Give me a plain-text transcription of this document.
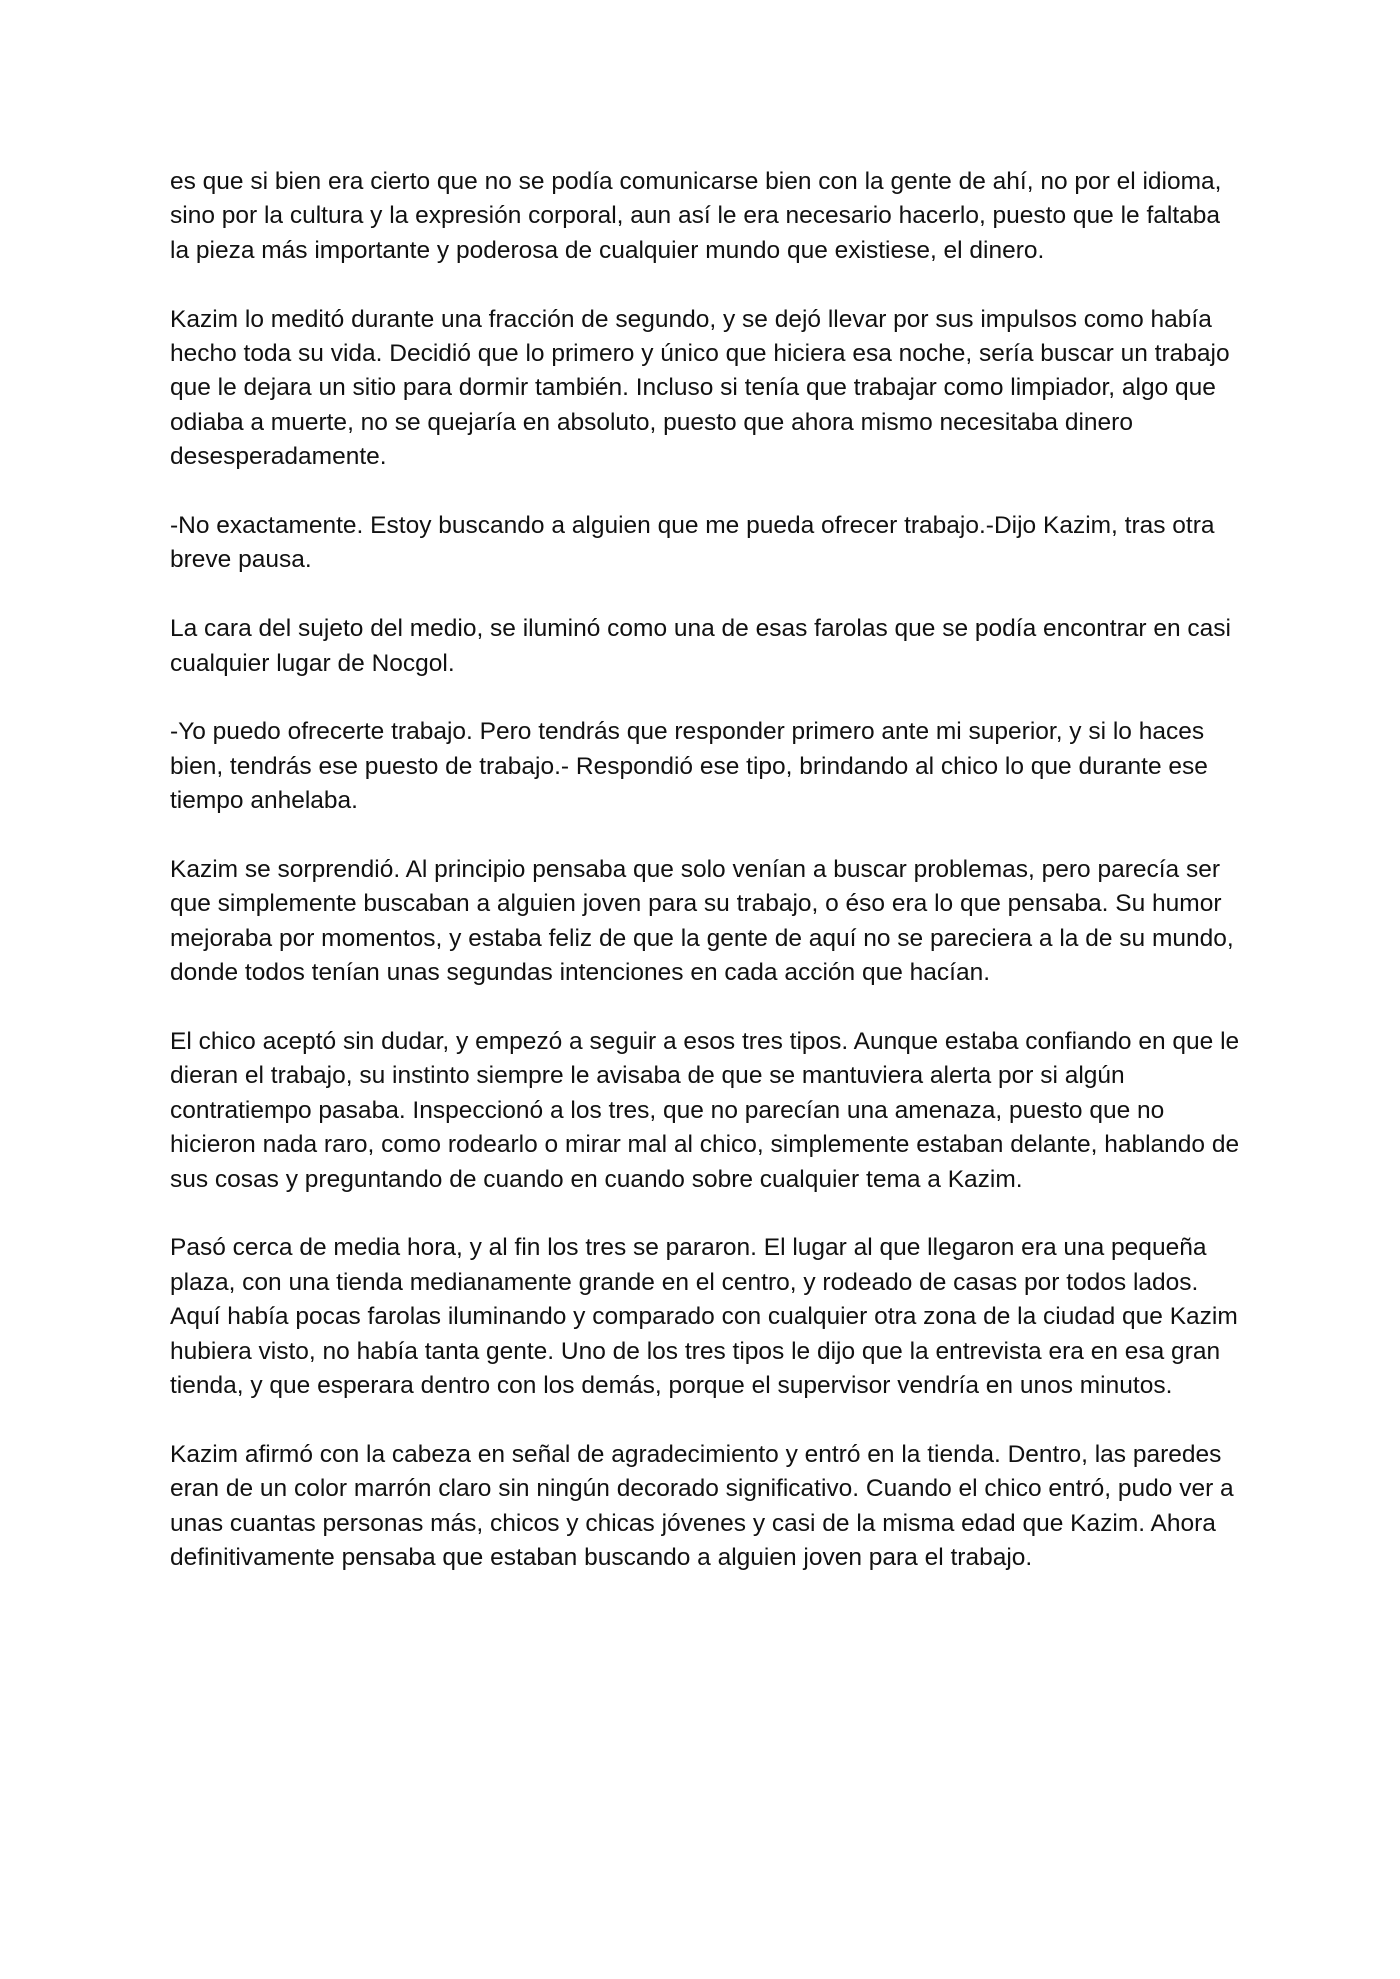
es que si bien era cierto que no se podía comunicarse bien con la gente de ahí, no por el idioma, sino por la cultura y la expresión corporal, aun así le era necesario hacerlo, puesto que le faltaba la pieza más importante y poderosa de cualquier mundo que existiese, el dinero.

Kazim lo meditó durante una fracción de segundo, y se dejó llevar por sus impulsos como había hecho toda su vida. Decidió que lo primero y único que hiciera esa noche, sería buscar un trabajo que le dejara un sitio para dormir también. Incluso si tenía que trabajar como limpiador, algo que odiaba a muerte, no se quejaría en absoluto, puesto que ahora mismo necesitaba dinero desesperadamente.

-No exactamente. Estoy buscando a alguien que me pueda ofrecer trabajo.-Dijo Kazim, tras otra breve pausa.

La cara del sujeto del medio, se iluminó como una de esas farolas que se podía encontrar en casi cualquier lugar de Nocgol.

-Yo puedo ofrecerte trabajo. Pero tendrás que responder primero ante mi superior, y si lo haces bien, tendrás ese puesto de trabajo.- Respondió ese tipo, brindando al chico lo que durante ese tiempo anhelaba.

Kazim se sorprendió. Al principio pensaba que solo venían a buscar problemas, pero parecía ser que simplemente buscaban a alguien joven para su trabajo, o éso era lo que pensaba. Su humor mejoraba por momentos, y estaba feliz de que la gente de aquí no se pareciera a la de su mundo, donde todos tenían unas segundas intenciones en cada acción que hacían.

El chico aceptó sin dudar, y empezó a seguir a esos tres tipos. Aunque estaba confiando en que le dieran el trabajo, su instinto siempre le avisaba de que se mantuviera alerta por si algún contratiempo pasaba. Inspeccionó a los tres, que no parecían una amenaza, puesto que no hicieron nada raro, como rodearlo o mirar mal al chico, simplemente estaban delante, hablando de sus cosas y preguntando de cuando en cuando sobre cualquier tema a Kazim.

Pasó cerca de media hora, y al fin los tres se pararon. El lugar al que llegaron era una pequeña plaza, con una tienda medianamente grande en el centro, y rodeado de casas por todos lados. Aquí había pocas farolas iluminando y comparado con cualquier otra zona de la ciudad que Kazim hubiera visto, no había tanta gente. Uno de los tres tipos le dijo que la entrevista era en esa gran tienda, y que esperara dentro con los demás, porque el supervisor vendría en unos minutos.

Kazim afirmó con la cabeza en señal de agradecimiento y entró en la tienda. Dentro, las paredes eran de un color marrón claro sin ningún decorado significativo. Cuando el chico entró, pudo ver a unas cuantas personas más, chicos y chicas jóvenes y casi de la misma edad que Kazim. Ahora definitivamente pensaba que estaban buscando a alguien joven para el trabajo.
